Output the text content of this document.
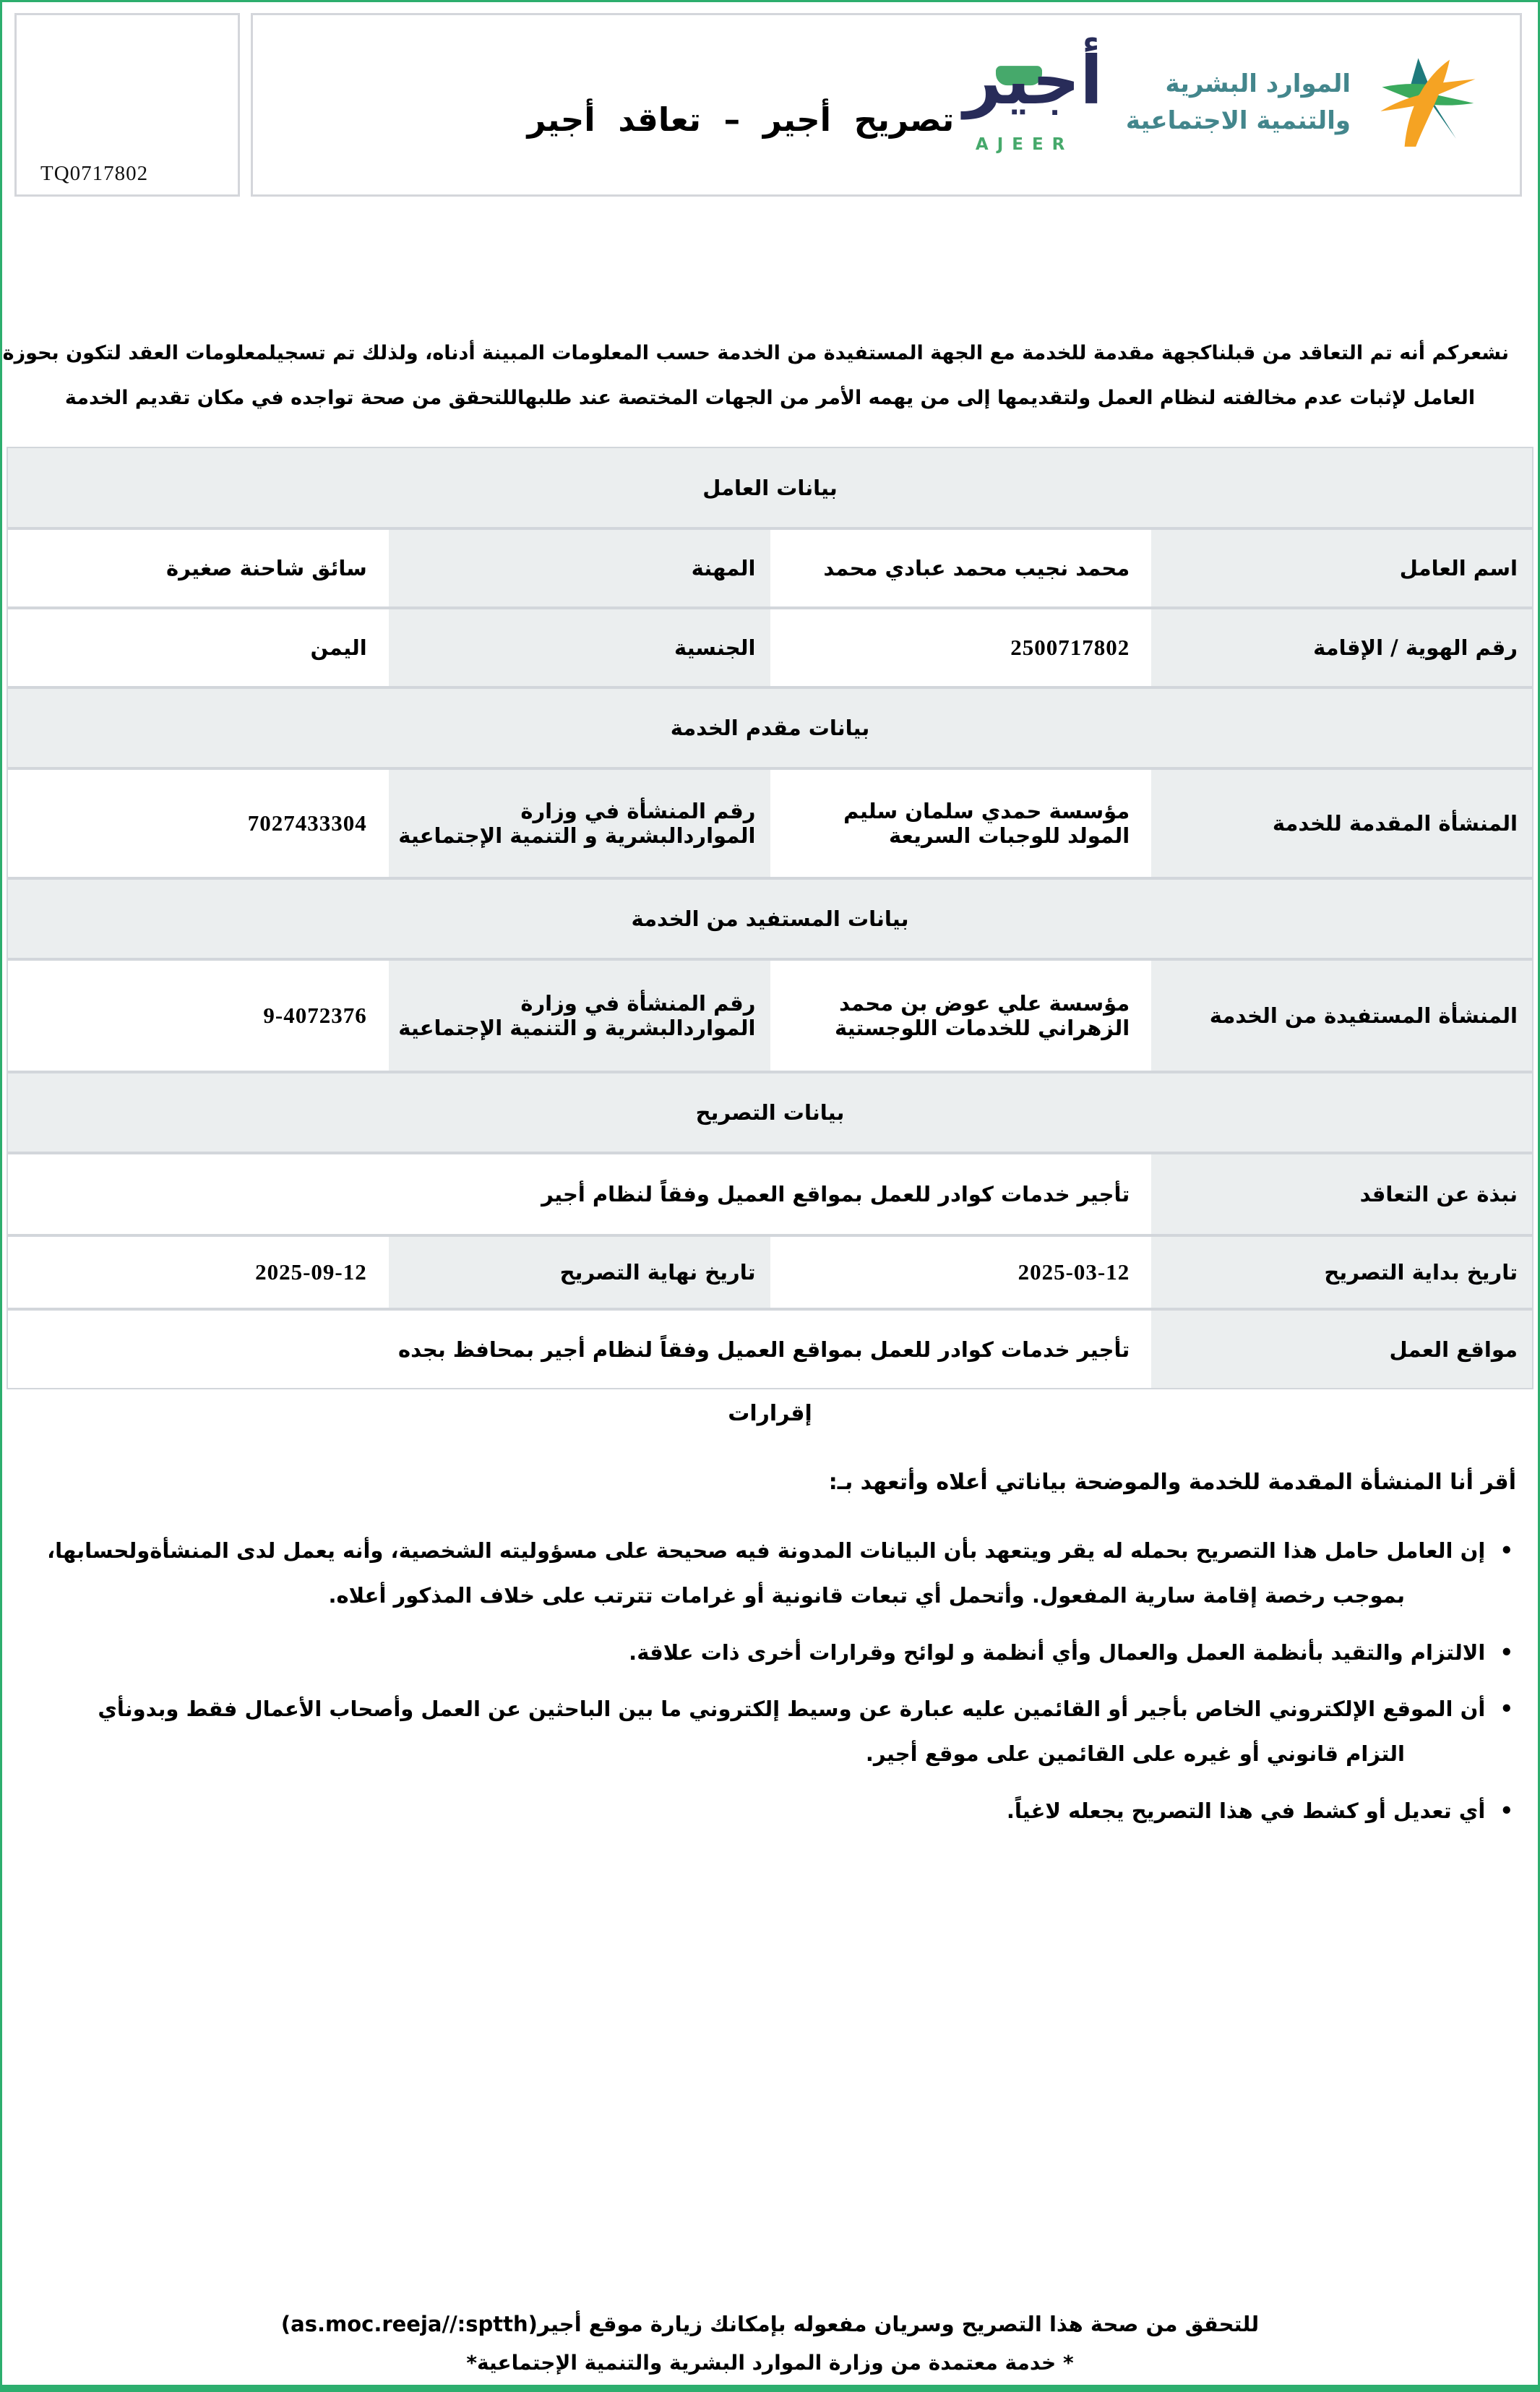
TQ0717802
تصريح أجير – تعاقد أجير
أجير
AJEER
الموارد البشرية
والتنمية الاجتماعية
نشعركم أنه تم التعاقد من قبلناكجهة مقدمة للخدمة مع الجهة المستفيدة من الخدمة حسب المعلومات المبينة أدناه، ولذلك تم تسجيلمعلومات العقد لتكون بحوزة
العامل لإثبات عدم مخالفته لنظام العمل ولتقديمها إلى من يهمه الأمر من الجهات المختصة عند طلبهاللتحقق من صحة تواجده في مكان تقديم الخدمة
بيانات العامل			
اسم العامل	محمد نجيب محمد عبادي محمد	المهنة	سائق شاحنة صغيرة
رقم الهوية / الإقامة	2500717802	الجنسية	اليمن
بيانات مقدم الخدمة			
المنشأة المقدمة للخدمة	مؤسسة حمدي سلمان سليم المولد للوجبات السريعة	رقم المنشأة في وزارة المواردالبشرية و التنمية الإجتماعية	7027433304
بيانات المستفيد من الخدمة			
المنشأة المستفيدة من الخدمة	مؤسسة علي عوض بن محمد الزهراني للخدمات اللوجستية	رقم المنشأة في وزارة المواردالبشرية و التنمية الإجتماعية	9-4072376
بيانات التصريح			
نبذة عن التعاقد	تأجير خدمات كوادر للعمل بمواقع العميل وفقاً لنظام أجير		
تاريخ بداية التصريح	2025-03-12	تاريخ نهاية التصريح	2025-09-12
مواقع العمل	تأجير خدمات كوادر للعمل بمواقع العميل وفقاً لنظام أجير بمحافظ بجده		
إقرارات
أقر أنا المنشأة المقدمة للخدمة والموضحة بياناتي أعلاه وأتعهد بـ:
•  إن العامل حامل هذا التصريح بحمله له يقر ويتعهد بأن البيانات المدونة فيه صحيحة على مسؤوليته الشخصية، وأنه يعمل لدى المنشأةولحسابها، بموجب رخصة إقامة سارية المفعول. وأتحمل أي تبعات قانونية أو غرامات تترتب على خلاف المذكور أعلاه.
•  الالتزام والتقيد بأنظمة العمل والعمال وأي أنظمة و لوائح وقرارات أخرى ذات علاقة.
•  أن الموقع الإلكتروني الخاص بأجير أو القائمين عليه عبارة عن وسيط إلكتروني ما بين الباحثين عن العمل وأصحاب الأعمال فقط وبدونأي التزام قانوني أو غيره على القائمين على موقع أجير.
•  أي تعديل أو كشط في هذا التصريح يجعله لاغياً.
للتحقق من صحة هذا التصريح وسريان مفعوله بإمكانك زيارة موقع أجير(as.moc.reeja//:sptth)
* خدمة معتمدة من وزارة الموارد البشرية والتنمية الإجتماعية*
